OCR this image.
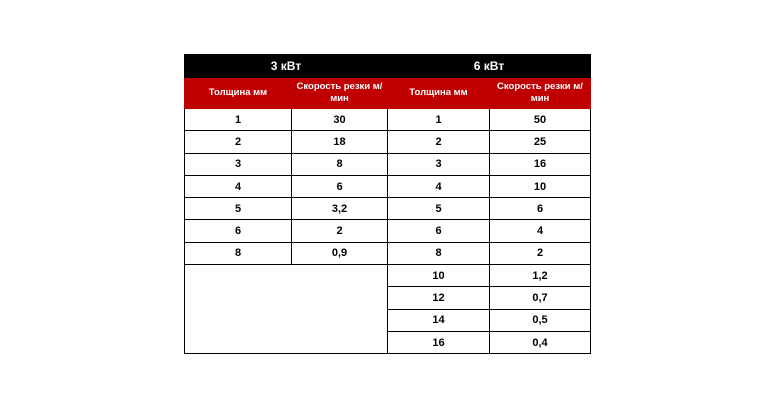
3 кВт		6 кВт	
Толщина мм	Скорость резки м/мин	Толщина мм	Скорость резки м/мин
1	30	1	50
2	18	2	25
3	8	3	16
4	6	4	10
5	3,2	5	6
6	2	6	4
8	0,9	8	2
		10	1,2
		12	0,7
		14	0,5
		16	0,4
